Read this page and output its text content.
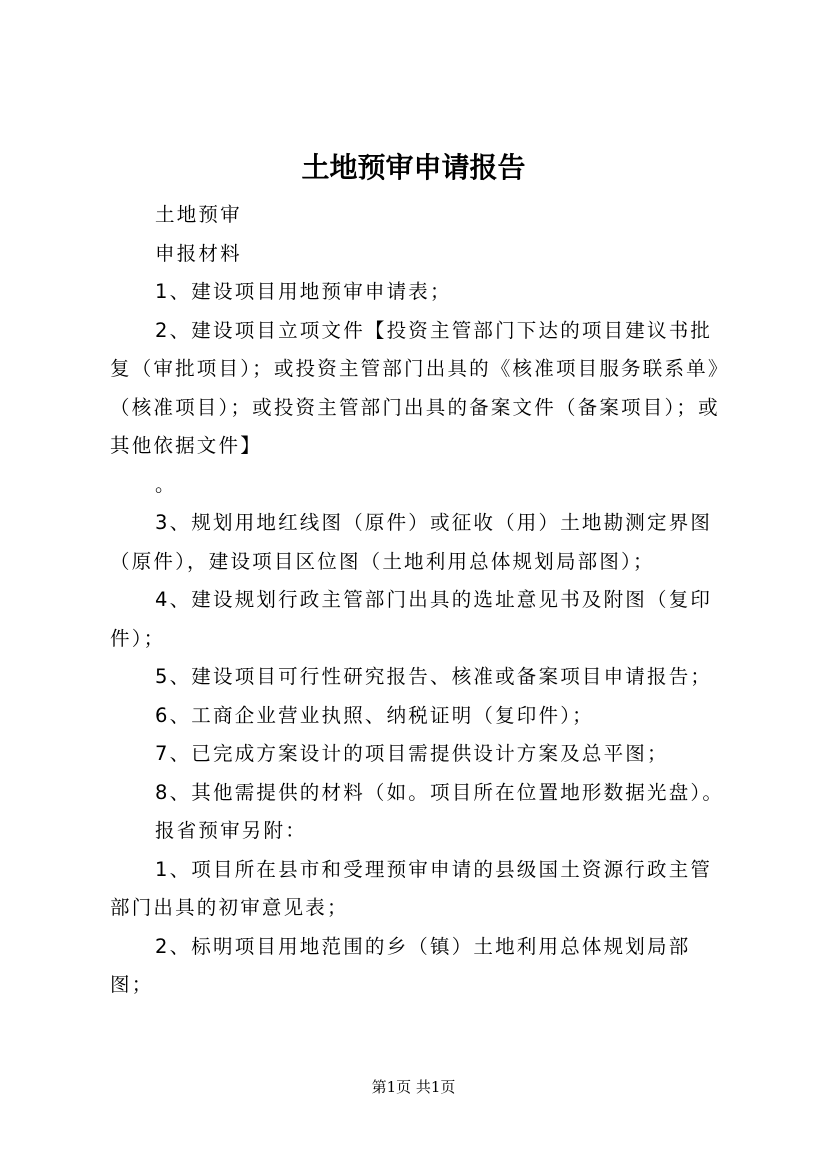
土地预审申请报告

土地预审

申报材料

1、建设项目用地预审申请表；

2、建设项目立项文件【投资主管部门下达的项目建议书批复（审批项目）；或投资主管部门出具的《核准项目服务联系单》（核准项目）；或投资主管部门出具的备案文件（备案项目）；或其他依据文件】

。

3、规划用地红线图（原件）或征收（用）土地勘测定界图（原件），建设项目区位图（土地利用总体规划局部图）；

4、建设规划行政主管部门出具的选址意见书及附图（复印件）；

5、建设项目可行性研究报告、核准或备案项目申请报告；

6、工商企业营业执照、纳税证明（复印件）；

7、已完成方案设计的项目需提供设计方案及总平图；

8、其他需提供的材料（如。项目所在位置地形数据光盘）。

报省预审另附：

1、项目所在县市和受理预审申请的县级国土资源行政主管部门出具的初审意见表；

2、标明项目用地范围的乡（镇）土地利用总体规划局部图；

第1页 共1页
